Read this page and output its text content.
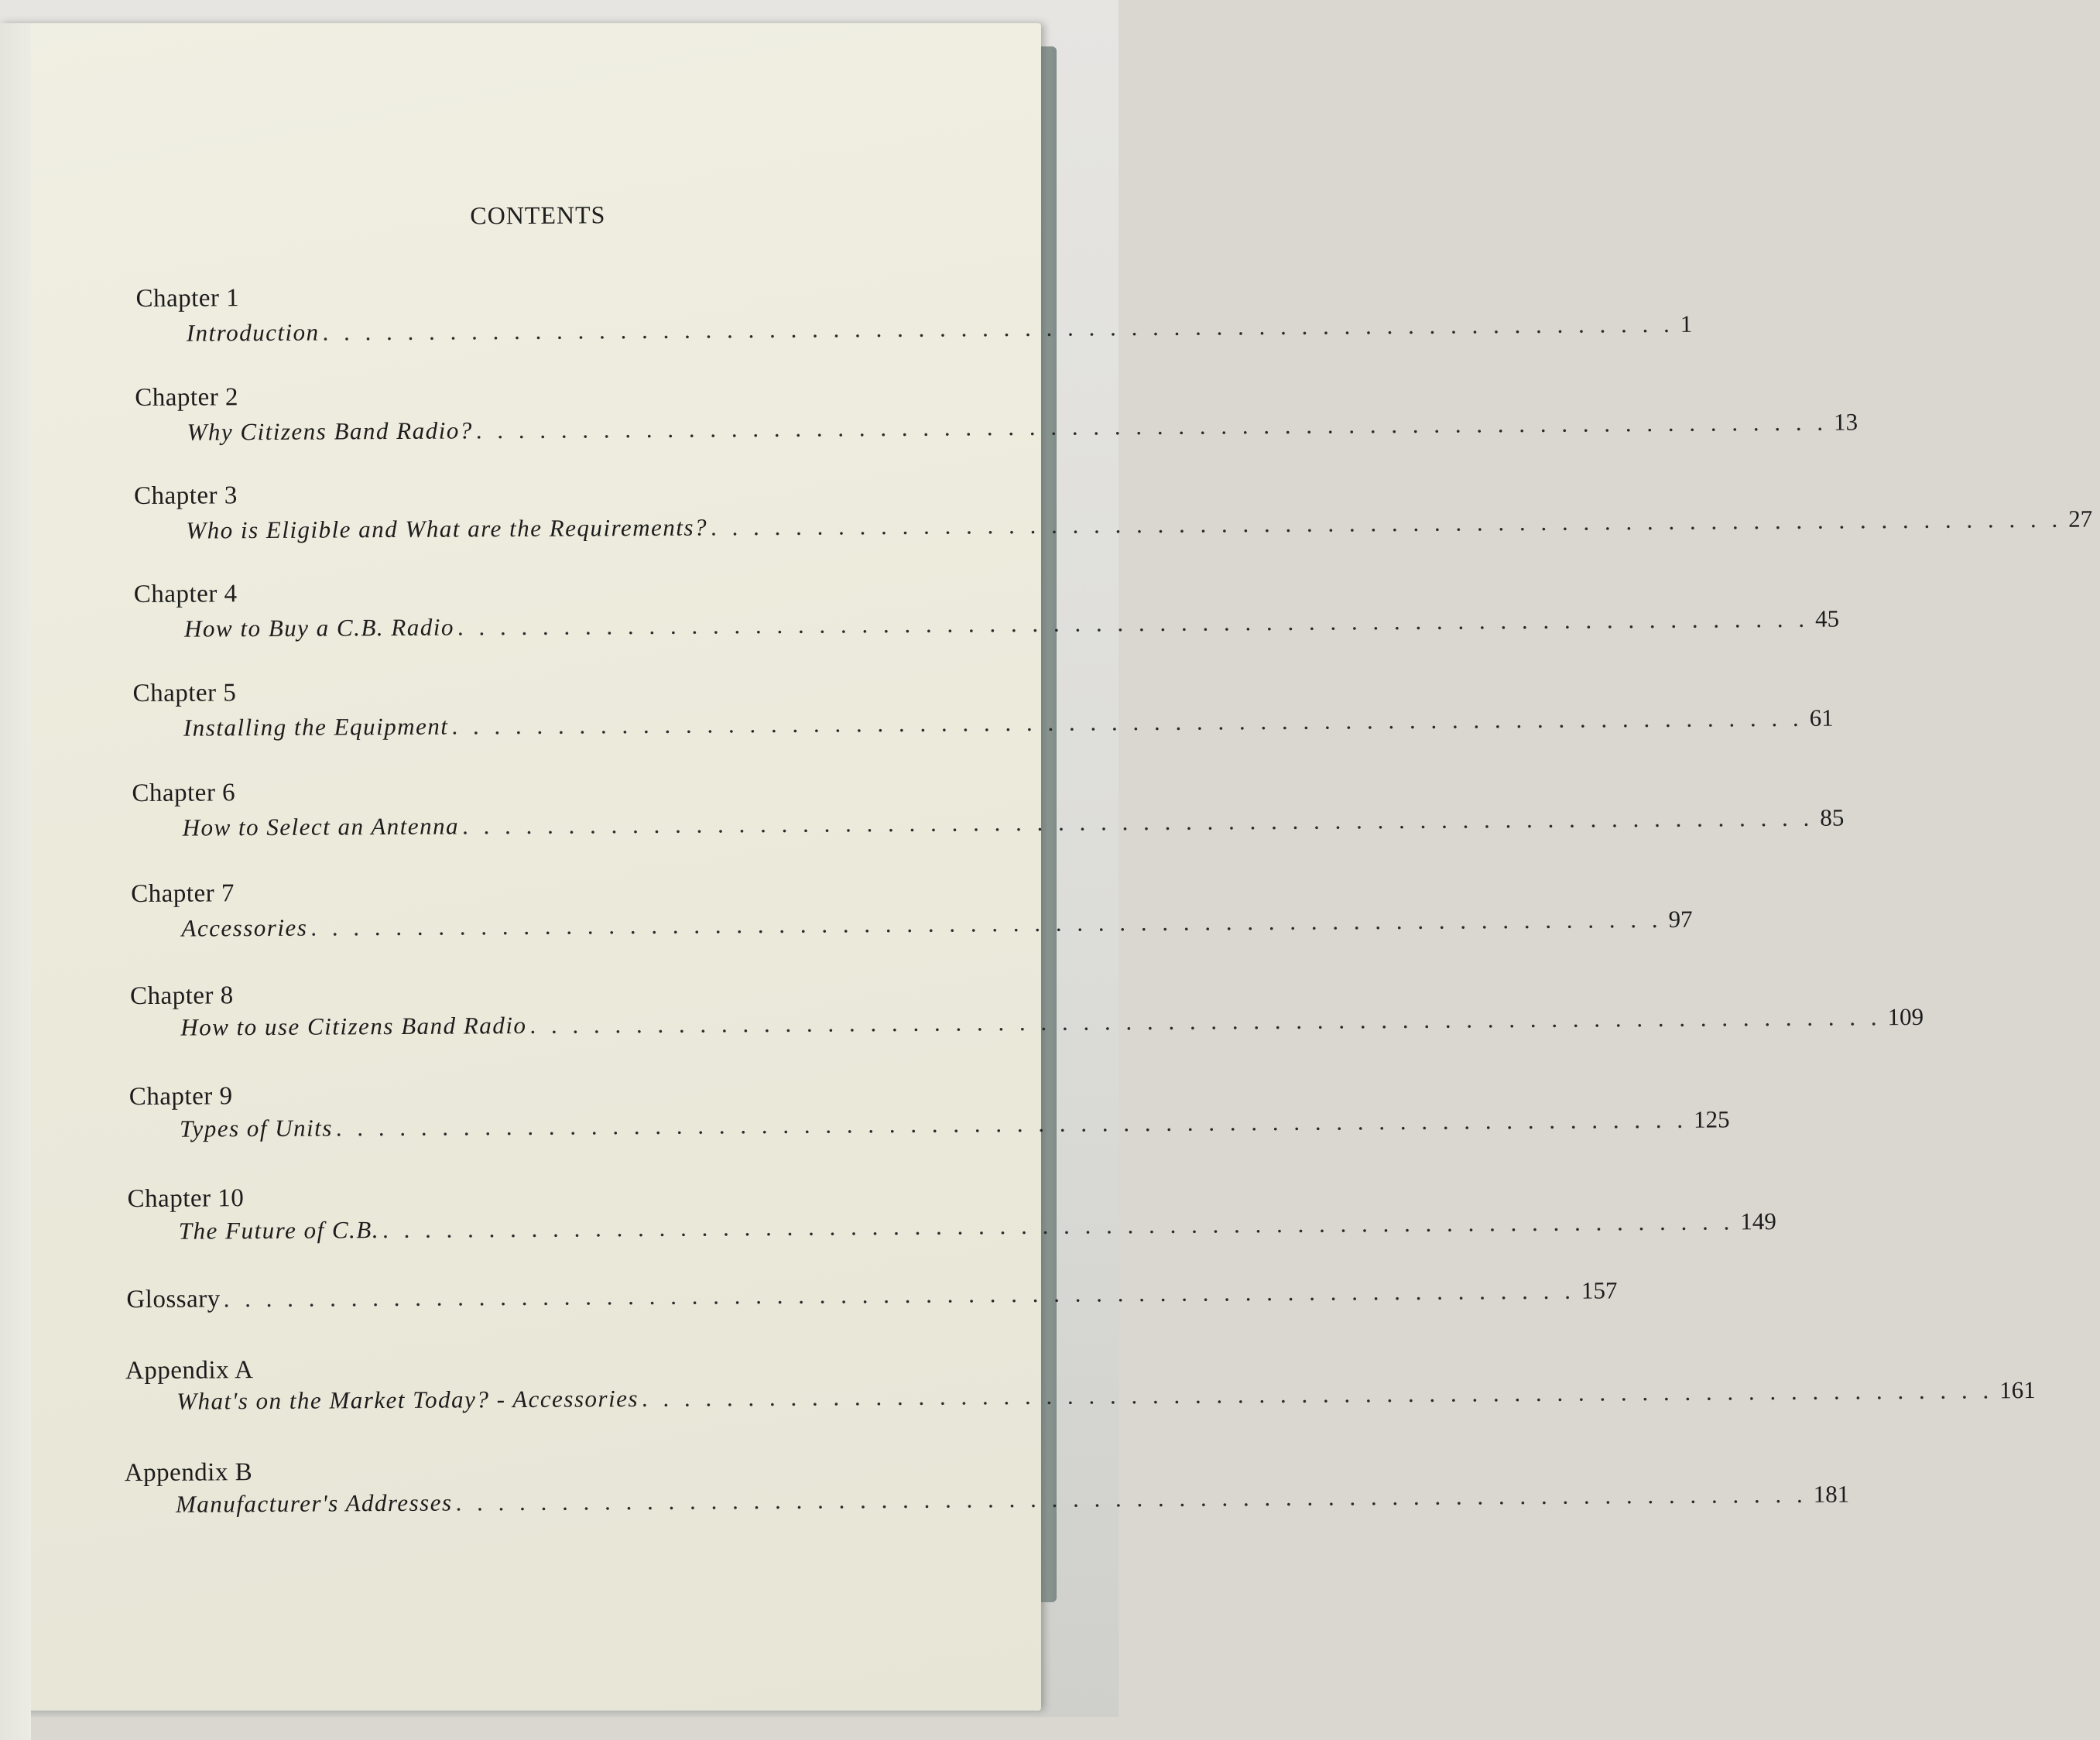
CONTENTS
Chapter 1
Introduction . . . . . . . . . . . . . . . . . . . . . . . . . . . . . . . . . . . . . . . . . . . . . . . . . . . . . . . . . . . . . . . . 1
Chapter 2
Why Citizens Band Radio? . . . . . . . . . . . . . . . . . . . . . . . . . . . . . . . . . . . . . . . . . . . . . . . . . . . . . . . . . . . . . . . . 13
Chapter 3
Who is Eligible and What are the Requirements? . . . . . . . . . . . . . . . . . . . . . . . . . . . . . . . . . . . . . . . . . . . . . . . . . . . . . . . . . . . . . . . . 27
Chapter 4
How to Buy a C.B. Radio . . . . . . . . . . . . . . . . . . . . . . . . . . . . . . . . . . . . . . . . . . . . . . . . . . . . . . . . . . . . . . . . 45
Chapter 5
Installing the Equipment . . . . . . . . . . . . . . . . . . . . . . . . . . . . . . . . . . . . . . . . . . . . . . . . . . . . . . . . . . . . . . . . 61
Chapter 6
How to Select an Antenna . . . . . . . . . . . . . . . . . . . . . . . . . . . . . . . . . . . . . . . . . . . . . . . . . . . . . . . . . . . . . . . . 85
Chapter 7
Accessories . . . . . . . . . . . . . . . . . . . . . . . . . . . . . . . . . . . . . . . . . . . . . . . . . . . . . . . . . . . . . . . . 97
Chapter 8
How to use Citizens Band Radio . . . . . . . . . . . . . . . . . . . . . . . . . . . . . . . . . . . . . . . . . . . . . . . . . . . . . . . . . . . . . . . . 109
Chapter 9
Types of Units . . . . . . . . . . . . . . . . . . . . . . . . . . . . . . . . . . . . . . . . . . . . . . . . . . . . . . . . . . . . . . . . 125
Chapter 10
The Future of C.B. . . . . . . . . . . . . . . . . . . . . . . . . . . . . . . . . . . . . . . . . . . . . . . . . . . . . . . . . . . . . . . . . 149
Glossary . . . . . . . . . . . . . . . . . . . . . . . . . . . . . . . . . . . . . . . . . . . . . . . . . . . . . . . . . . . . . . . . 157
Appendix A
What's on the Market Today? - Accessories . . . . . . . . . . . . . . . . . . . . . . . . . . . . . . . . . . . . . . . . . . . . . . . . . . . . . . . . . . . . . . . . 161
Appendix B
Manufacturer's Addresses . . . . . . . . . . . . . . . . . . . . . . . . . . . . . . . . . . . . . . . . . . . . . . . . . . . . . . . . . . . . . . . . 181
